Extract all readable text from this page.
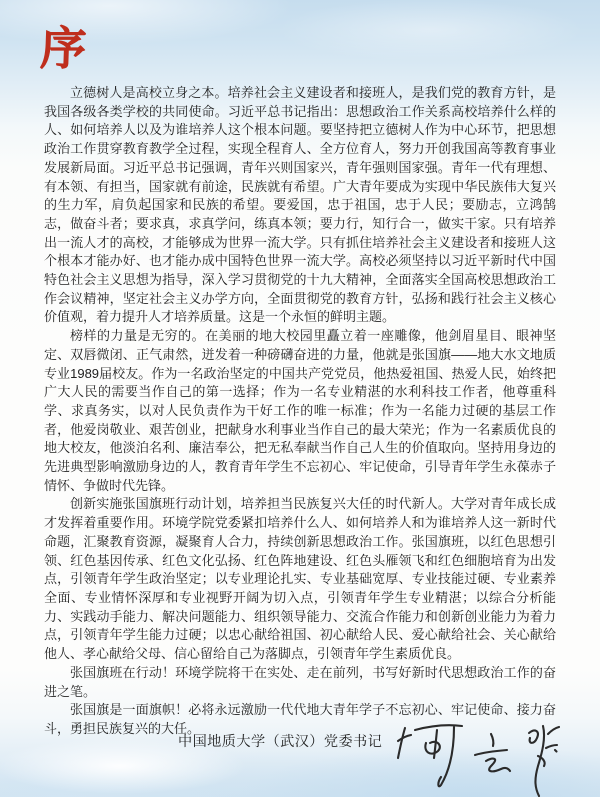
序

立德树人是高校立身之本。培养社会主义建设者和接班人，是我们党的教育方针，是我国各级各类学校的共同使命。习近平总书记指出：思想政治工作关系高校培养什么样的人、如何培养人以及为谁培养人这个根本问题。要坚持把立德树人作为中心环节，把思想政治工作贯穿教育教学全过程，实现全程育人、全方位育人，努力开创我国高等教育事业发展新局面。习近平总书记强调，青年兴则国家兴，青年强则国家强。青年一代有理想、有本领、有担当，国家就有前途，民族就有希望。广大青年要成为实现中华民族伟大复兴的生力军，肩负起国家和民族的希望。要爱国，忠于祖国，忠于人民；要励志，立鸿鹄志，做奋斗者；要求真，求真学问，练真本领；要力行，知行合一，做实干家。只有培养出一流人才的高校，才能够成为世界一流大学。只有抓住培养社会主义建设者和接班人这个根本才能办好、也才能办成中国特色世界一流大学。高校必须坚持以习近平新时代中国特色社会主义思想为指导，深入学习贯彻党的十九大精神，全面落实全国高校思想政治工作会议精神，坚定社会主义办学方向，全面贯彻党的教育方针，弘扬和践行社会主义核心价值观，着力提升人才培养质量。这是一个永恒的鲜明主题。

榜样的力量是无穷的。在美丽的地大校园里矗立着一座雕像，他剑眉星目、眼神坚定、双唇微闭、正气肃然，迸发着一种磅礴奋进的力量，他就是张国旗——地大水文地质专业1989届校友。作为一名政治坚定的中国共产党党员，他热爱祖国、热爱人民，始终把广大人民的需要当作自己的第一选择；作为一名专业精湛的水利科技工作者，他尊重科学、求真务实，以对人民负责作为干好工作的唯一标准；作为一名能力过硬的基层工作者，他爱岗敬业、艰苦创业，把献身水利事业当作自己的最大荣光；作为一名素质优良的地大校友，他淡泊名利、廉洁奉公，把无私奉献当作自己人生的价值取向。坚持用身边的先进典型影响激励身边的人，教育青年学生不忘初心、牢记使命，引导青年学生永葆赤子情怀、争做时代先锋。

创新实施张国旗班行动计划，培养担当民族复兴大任的时代新人。大学对青年成长成才发挥着重要作用。环境学院党委紧扣培养什么人、如何培养人和为谁培养人这一新时代命题，汇聚教育资源，凝聚育人合力，持续创新思想政治工作。张国旗班，以红色思想引领、红色基因传承、红色文化弘扬、红色阵地建设、红色头雁领飞和红色细胞培育为出发点，引领青年学生政治坚定；以专业理论扎实、专业基础宽厚、专业技能过硬、专业素养全面、专业情怀深厚和专业视野开阔为切入点，引领青年学生专业精湛；以综合分析能力、实践动手能力、解决问题能力、组织领导能力、交流合作能力和创新创业能力为着力点，引领青年学生能力过硬；以忠心献给祖国、初心献给人民、爱心献给社会、关心献给他人、孝心献给父母、信心留给自己为落脚点，引领青年学生素质优良。

张国旗班在行动！环境学院将干在实处、走在前列，书写好新时代思想政治工作的奋进之笔。

张国旗是一面旗帜！必将永远激励一代代地大青年学子不忘初心、牢记使命、接力奋斗，勇担民族复兴的大任。

中国地质大学（武汉）党委书记
